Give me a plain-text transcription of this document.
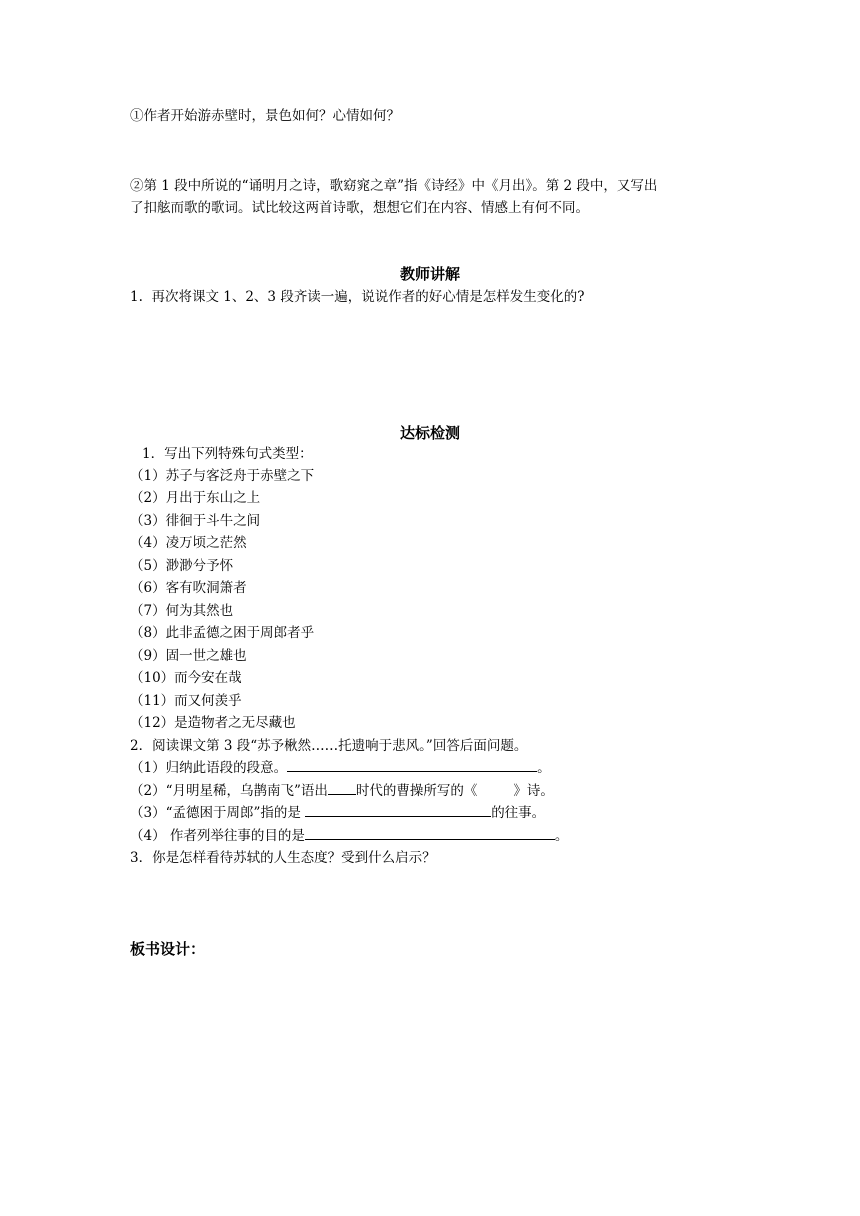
①作者开始游赤壁时，景色如何？心情如何？
②第 1 段中所说的“诵明月之诗，歌窈窕之章”指《诗经》中《月出》。第 2 段中，又写出
了扣舷而歌的歌词。试比较这两首诗歌，想想它们在内容、情感上有何不同。
教师讲解
1.  再次将课文 1、2、3 段齐读一遍，说说作者的好心情是怎样发生变化的?
达标检测
1．写出下列特殊句式类型：
（1）苏子与客泛舟于赤壁之下
（2）月出于东山之上
（3）徘徊于斗牛之间
（4）凌万顷之茫然
（5）渺渺兮予怀
（6）客有吹洞箫者
（7）何为其然也
（8）此非孟德之困于周郎者乎
（9）固一世之雄也
（10）而今安在哉
（11）而又何羡乎
（12）是造物者之无尽藏也
2．阅读课文第 3 段“苏予楸然……托遗响于悲风。”回答后面问题。
（1）归纳此语段的段意。	。
（2）“月明星稀，乌鹊南飞”语出 时代的曹操所写的《	》诗。
（3）“孟德困于周郎”指的是	的往事。
（4） 作者列举往事的目的是	。
3．你是怎样看待苏轼的人生态度？受到什么启示？
板书设计：
